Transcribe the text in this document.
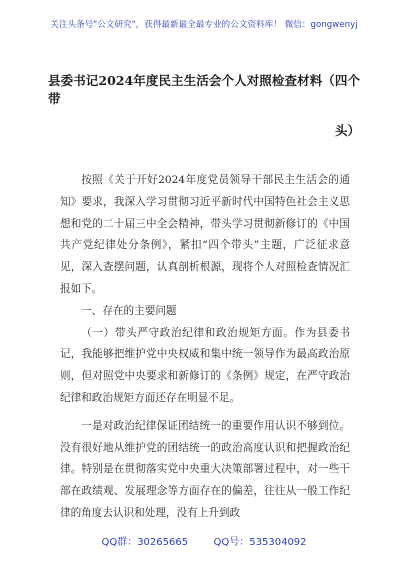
关注头条号"公文研究"，获得最新最全最专业的公文资料库！ 微信：gongwenyj
县委书记2024年度民主生活会个人对照检查材料（四个带
头）

按照《关于开好2024年度党员领导干部民主生活会的通知》要求，我深入学习贯彻习近平新时代中国特色社会主义思想和党的二十届三中全会精神，带头学习贯彻新修订的《中国共产党纪律处分条例》，紧扣“四个带头”主题，广泛征求意见，深入查摆问题，认真剖析根源，现将个人对照检查情况汇报如下。

一、存在的主要问题

（一）带头严守政治纪律和政治规矩方面。作为县委书记，我能够把维护党中央权威和集中统一领导作为最高政治原则，但对照党中央要求和新修订的《条例》规定，在严守政治纪律和政治规矩方面还存在明显不足。

一是对政治纪律保证团结统一的重要作用认识不够到位。没有很好地从维护党的团结统一的政治高度认识和把握政治纪律。特别是在贯彻落实党中央重大决策部署过程中，对一些干部在政绩观、发展理念等方面存在的偏差，往往从一般工作纪律的角度去认识和处理，没有上升到政

QQ群：30265665        QQ号：535304092
